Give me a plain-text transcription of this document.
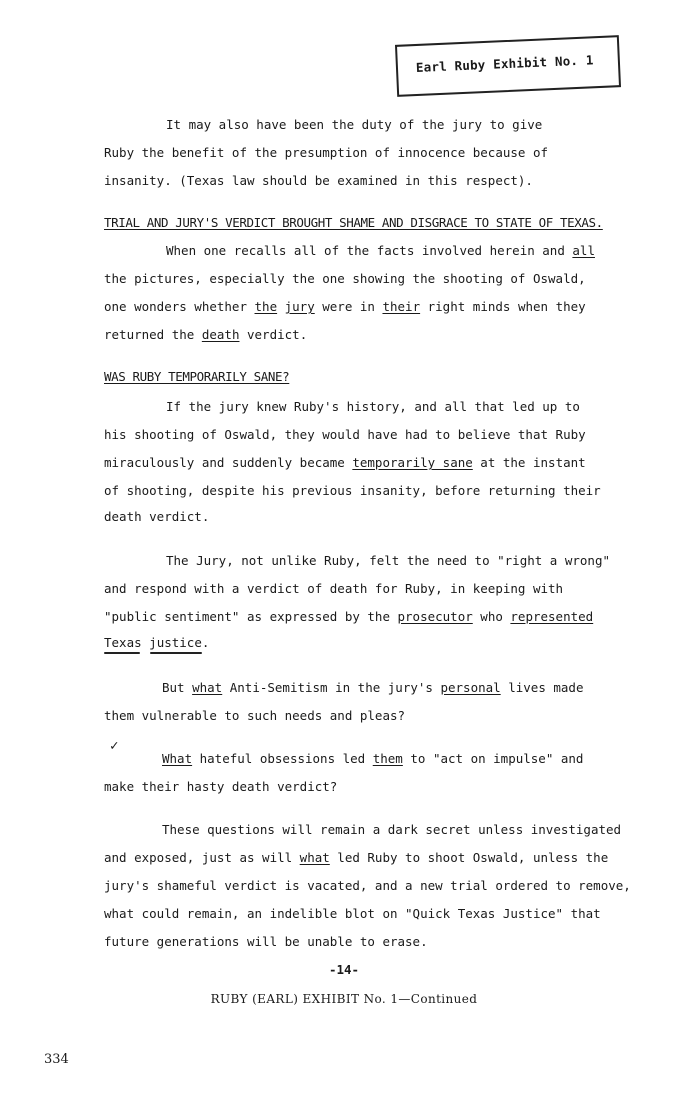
Earl Ruby Exhibit No. 1
It may also have been the duty of the jury to give
Ruby the benefit of the presumption of innocence because of
insanity. (Texas law should be examined in this respect).
TRIAL AND JURY'S VERDICT BROUGHT SHAME AND DISGRACE TO STATE OF TEXAS.
When one recalls all of the facts involved herein and all
the pictures, especially the one showing the shooting of Oswald,
one wonders whether the jury were in their right minds when they
returned the death verdict.
WAS RUBY TEMPORARILY SANE?
If the jury knew Ruby's history, and all that led up to
his shooting of Oswald, they would have had to believe that Ruby
miraculously and suddenly became temporarily sane at the instant
of shooting, despite his previous insanity, before returning their
death verdict.
The Jury, not unlike Ruby, felt the need to "right a wrong"
and respond with a verdict of death for Ruby, in keeping with
"public sentiment" as expressed by the prosecutor who represented
Texas justice.
But what Anti-Semitism in the jury's personal lives made
them vulnerable to such needs and pleas?
✓
What hateful obsessions led them to "act on impulse" and
make their hasty death verdict?
These questions will remain a dark secret unless investigated
and exposed, just as will what led Ruby to shoot Oswald, unless the
jury's shameful verdict is vacated, and a new trial ordered to remove,
what could remain, an indelible blot on "Quick Texas Justice" that
future generations will be unable to erase.
-14-
RUBY (EARL) EXHIBIT No. 1—Continued
334
